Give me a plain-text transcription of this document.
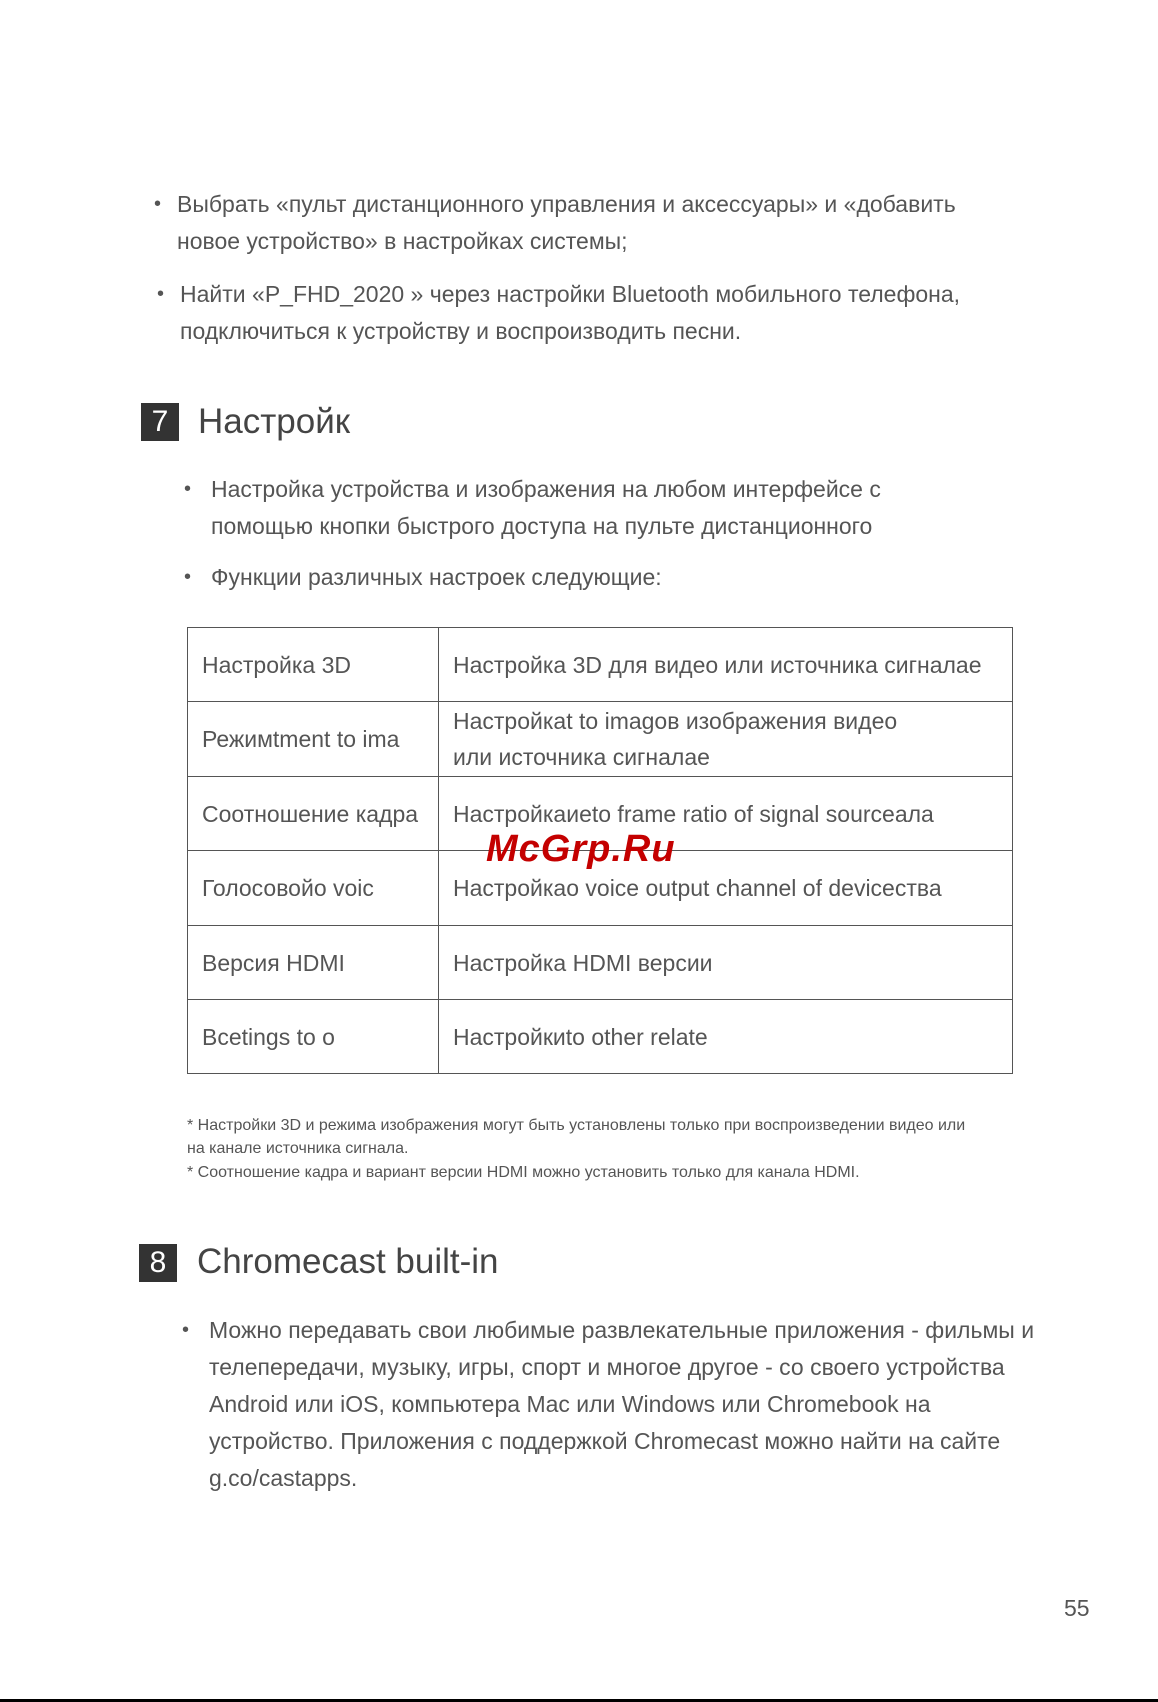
• Выбрать «пульт дистанционного управления и аксессуары» и «добавить
новое устройство» в настройках системы;
• Найти «P_FHD_2020 » через настройки Bluetooth мобильного телефона,
подключиться к устройству и воспроизводить песни.
7 Настройк
• Настройка устройства и изображения на любом интерфейсе с
помощью кнопки быстрого доступа на пульте дистанционного
• Функции различных настроек следующие:
Настройка 3D	Настройка 3D для видео или источника сигналае
Режимtment to ima	Настройкаt to imagов изображения видео
или источника сигналае

Соотношение кадра	Настройкаиeto frame ratio of signal sourceала
Голосовойo voic	Настройкаo voice output channel of deviceства
Версия HDMI	Настройка HDMI версии
Bcetings to o	Настройкиto other relate
McGrp.Ru
* Настройки 3D и режима изображения могут быть установлены только при воспроизведении видео или
на канале источника сигнала.
* Соотношение кадра и вариант версии HDMI можно установить только для канала HDMI.
8 Chromecast built-in
• Можно передавать свои любимые развлекательные приложения - фильмы и
телепередачи, музыку, игры, спорт и многое другое - со своего устройства
Android или iOS, компьютера Mac или Windows или Chromebook на
устройство. Приложения с поддержкой Chromecast можно найти на сайте
g.co/castapps.
55
